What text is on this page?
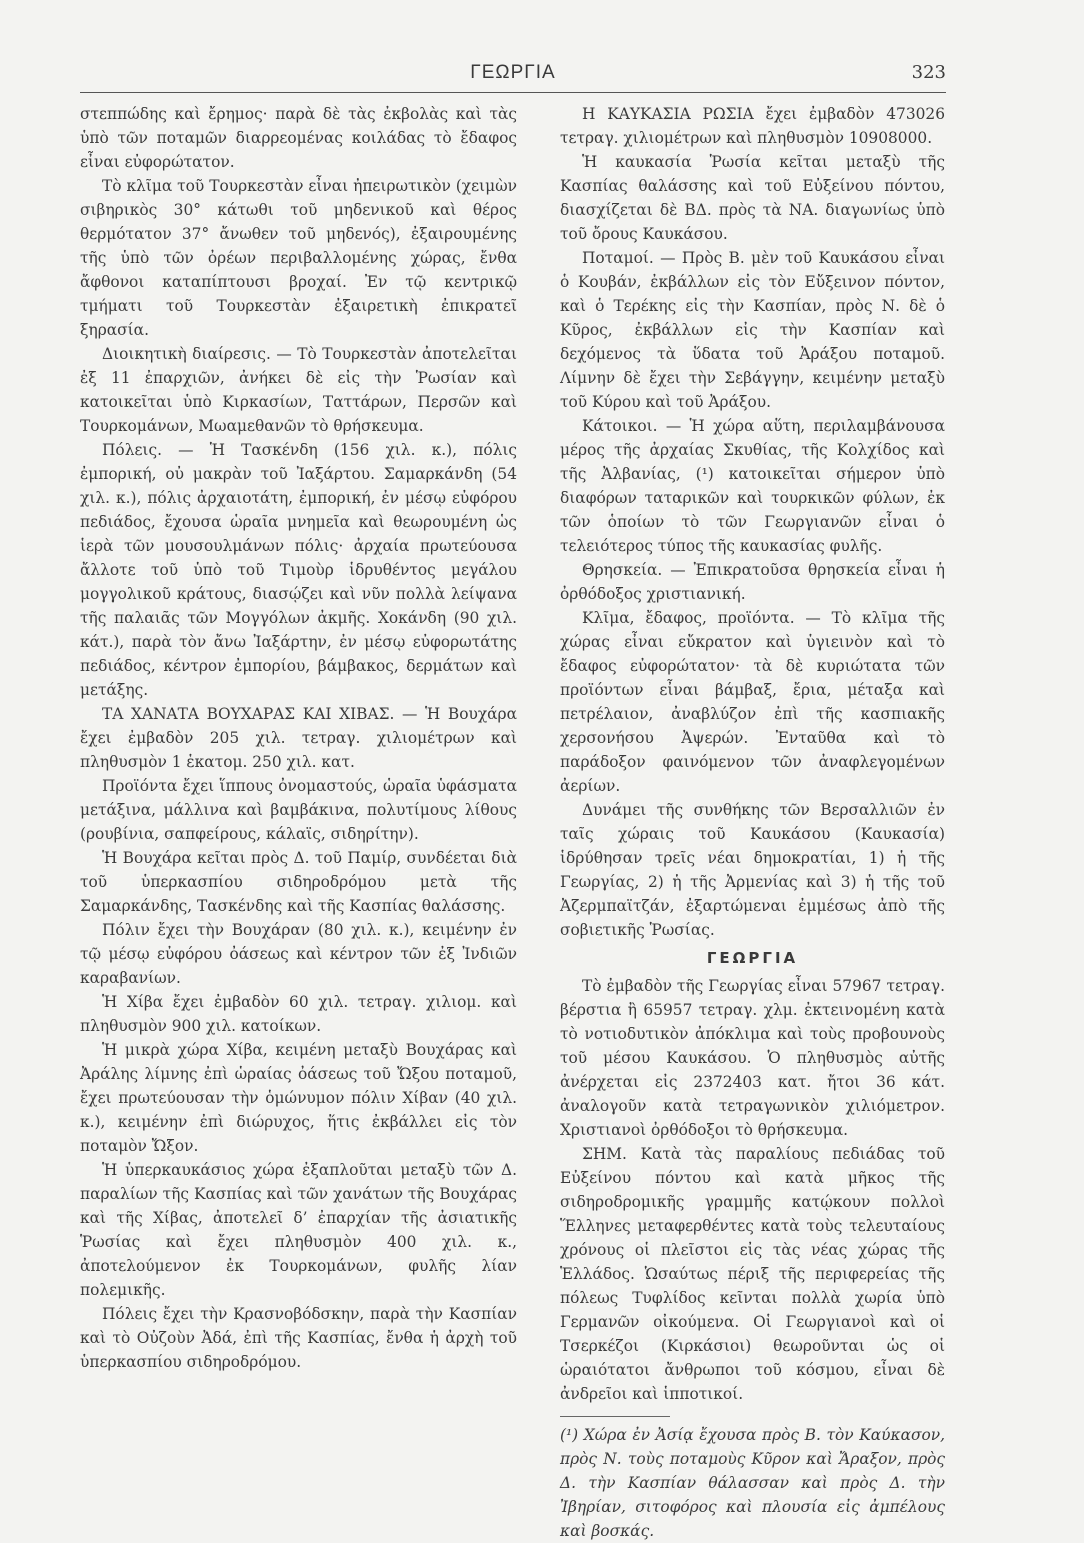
ΓΕΩΡΓΙΑ	323

στεππώδης καὶ ἔρημος· παρὰ δὲ τὰς ἐκβολὰς καὶ τὰς ὑπὸ τῶν ποταμῶν διαρρεομένας κοιλάδας τὸ ἔδαφος εἶναι εὐφορώτατον.

Τὸ κλῖμα τοῦ Τουρκεστὰν εἶναι ἠπειρωτικὸν (χειμὼν σιβηρικὸς 30° κάτωθι τοῦ μηδενικοῦ καὶ θέρος θερμότατον 37° ἄνωθεν τοῦ μηδενός), ἐξαιρουμένης τῆς ὑπὸ τῶν ὀρέων περιβαλλομένης χώρας, ἔνθα ἄφθονοι καταπίπτουσι βροχαί. Ἐν τῷ κεντρικῷ τμήματι τοῦ Τουρκεστὰν ἐξαιρετικὴ ἐπικρατεῖ ξηρασία.

Διοικητικὴ διαίρεσις. — Τὸ Τουρκεστὰν ἀποτελεῖται ἐξ 11 ἐπαρχιῶν, ἀνήκει δὲ εἰς τὴν Ῥωσίαν καὶ κατοικεῖται ὑπὸ Κιρκασίων, Ταττάρων, Περσῶν καὶ Τουρκομάνων, Μωαμεθανῶν τὸ θρήσκευμα.

Πόλεις. — Ἡ Τασκένδη (156 χιλ. κ.), πόλις ἐμπορική, οὐ μακρὰν τοῦ Ἰαξάρτου. Σαμαρκάνδη (54 χιλ. κ.), πόλις ἀρχαιοτάτη, ἐμπορική, ἐν μέσῳ εὐφόρου πεδιάδος, ἔχουσα ὡραῖα μνημεῖα καὶ θεωρουμένη ὡς ἱερὰ τῶν μουσουλμάνων πόλις· ἀρχαία πρωτεύουσα ἄλλοτε τοῦ ὑπὸ τοῦ Τιμοὺρ ἱδρυθέντος μεγάλου μογγολικοῦ κράτους, διασῴζει καὶ νῦν πολλὰ λείψανα τῆς παλαιᾶς τῶν Μογγόλων ἀκμῆς. Χοκάνδη (90 χιλ. κάτ.), παρὰ τὸν ἄνω Ἰαξάρτην, ἐν μέσῳ εὐφορωτάτης πεδιάδος, κέντρον ἐμπορίου, βάμβακος, δερμάτων καὶ μετάξης.

ΤΑ ΧΑΝΑΤΑ ΒΟΥΧΑΡΑΣ ΚΑΙ ΧΙΒΑΣ. — Ἡ Βουχάρα ἔχει ἐμβαδὸν 205 χιλ. τετραγ. χιλιομέτρων καὶ πληθυσμὸν 1 ἑκατομ. 250 χιλ. κατ.

Προϊόντα ἔχει ἵππους ὀνομαστούς, ὡραῖα ὑφάσματα μετάξινα, μάλλινα καὶ βαμβάκινα, πολυτίμους λίθους (ρουβίνια, σαπφείρους, κάλαϊς, σιδηρίτην).

Ἡ Βουχάρα κεῖται πρὸς Δ. τοῦ Παμίρ, συνδέεται διὰ τοῦ ὑπερκασπίου σιδηροδρόμου μετὰ τῆς Σαμαρκάνδης, Τασκένδης καὶ τῆς Κασπίας θαλάσσης.

Πόλιν ἔχει τὴν Βουχάραν (80 χιλ. κ.), κειμένην ἐν τῷ μέσῳ εὐφόρου ὀάσεως καὶ κέντρον τῶν ἐξ Ἰνδιῶν καραβανίων.

Ἡ Χίβα ἔχει ἐμβαδὸν 60 χιλ. τετραγ. χιλιομ. καὶ πληθυσμὸν 900 χιλ. κατοίκων.

Ἡ μικρὰ χώρα Χίβα, κειμένη μεταξὺ Βουχάρας καὶ Ἀράλης λίμνης ἐπὶ ὡραίας ὀάσεως τοῦ Ὤξου ποταμοῦ, ἔχει πρωτεύουσαν τὴν ὁμώνυμον πόλιν Χίβαν (40 χιλ. κ.), κειμένην ἐπὶ διώρυχος, ἥτις ἐκβάλλει εἰς τὸν ποταμὸν Ὤξον.

Ἡ ὑπερκαυκάσιος χώρα ἐξαπλοῦται μεταξὺ τῶν Δ. παραλίων τῆς Κασπίας καὶ τῶν χανάτων τῆς Βουχάρας καὶ τῆς Χίβας, ἀποτελεῖ δ’ ἐπαρχίαν τῆς ἀσιατικῆς Ῥωσίας καὶ ἔχει πληθυσμὸν 400 χιλ. κ., ἀποτελούμενον ἐκ Τουρκομάνων, φυλῆς λίαν πολεμικῆς.

Πόλεις ἔχει τὴν Κρασνοβόδσκην, παρὰ τὴν Κασπίαν καὶ τὸ Οὐζοὺν Ἀδά, ἐπὶ τῆς Κασπίας, ἔνθα ἡ ἀρχὴ τοῦ ὑπερκασπίου σιδηροδρόμου.

Η ΚΑΥΚΑΣΙΑ ΡΩΣΙΑ ἔχει ἐμβαδὸν 473026 τετραγ. χιλιομέτρων καὶ πληθυσμὸν 10908000.

Ἡ καυκασία Ῥωσία κεῖται μεταξὺ τῆς Κασπίας θαλάσσης καὶ τοῦ Εὐξείνου πόντου, διασχίζεται δὲ ΒΔ. πρὸς τὰ ΝΑ. διαγωνίως ὑπὸ τοῦ ὄρους Καυκάσου.

Ποταμοί. — Πρὸς Β. μὲν τοῦ Καυκάσου εἶναι ὁ Κουβάν, ἐκβάλλων εἰς τὸν Εὔξεινον πόντον, καὶ ὁ Τερέκης εἰς τὴν Κασπίαν, πρὸς Ν. δὲ ὁ Κῦρος, ἐκβάλλων εἰς τὴν Κασπίαν καὶ δεχόμενος τὰ ὕδατα τοῦ Ἀράξου ποταμοῦ. Λίμνην δὲ ἔχει τὴν Σεβάγγην, κειμένην μεταξὺ τοῦ Κύρου καὶ τοῦ Ἀράξου.

Κάτοικοι. — Ἡ χώρα αὕτη, περιλαμβάνουσα μέρος τῆς ἀρχαίας Σκυθίας, τῆς Κολχίδος καὶ τῆς Ἀλβανίας, (¹) κατοικεῖται σήμερον ὑπὸ διαφόρων ταταρικῶν καὶ τουρκικῶν φύλων, ἐκ τῶν ὁποίων τὸ τῶν Γεωργιανῶν εἶναι ὁ τελειότερος τύπος τῆς καυκασίας φυλῆς.

Θρησκεία. — Ἐπικρατοῦσα θρησκεία εἶναι ἡ ὀρθόδοξος χριστιανική.

Κλῖμα, ἔδαφος, προϊόντα. — Τὸ κλῖμα τῆς χώρας εἶναι εὔκρατον καὶ ὑγιεινὸν καὶ τὸ ἔδαφος εὐφορώτατον· τὰ δὲ κυριώτατα τῶν προϊόντων εἶναι βάμβαξ, ἔρια, μέταξα καὶ πετρέλαιον, ἀναβλύζον ἐπὶ τῆς κασπιακῆς χερσονήσου Ἀψερών. Ἐνταῦθα καὶ τὸ παράδοξον φαινόμενον τῶν ἀναφλεγομένων ἀερίων.

Δυνάμει τῆς συνθήκης τῶν Βερσαλλιῶν ἐν ταῖς χώραις τοῦ Καυκάσου (Καυκασία) ἱδρύθησαν τρεῖς νέαι δημοκρατίαι, 1) ἡ τῆς Γεωργίας, 2) ἡ τῆς Ἀρμενίας καὶ 3) ἡ τῆς τοῦ Ἀζερμπαϊτζάν, ἐξαρτώμεναι ἐμμέσως ἀπὸ τῆς σοβιετικῆς Ῥωσίας.

ΓΕΩΡΓΙΑ

Τὸ ἐμβαδὸν τῆς Γεωργίας εἶναι 57967 τετραγ. βέρστια ἢ 65957 τετραγ. χλμ. ἐκτεινομένη κατὰ τὸ νοτιοδυτικὸν ἀπόκλιμα καὶ τοὺς προβουνοὺς τοῦ μέσου Καυκάσου. Ὁ πληθυσμὸς αὐτῆς ἀνέρχεται εἰς 2372403 κατ. ἤτοι 36 κάτ. ἀναλογοῦν κατὰ τετραγωνικὸν χιλιόμετρον. Χριστιανοὶ ὀρθόδοξοι τὸ θρήσκευμα.

ΣΗΜ. Κατὰ τὰς παραλίους πεδιάδας τοῦ Εὐξείνου πόντου καὶ κατὰ μῆκος τῆς σιδηροδρομικῆς γραμμῆς κατῴκουν πολλοὶ Ἕλληνες μεταφερθέντες κατὰ τοὺς τελευταίους χρόνους οἱ πλεῖστοι εἰς τὰς νέας χώρας τῆς Ἑλλάδος. Ὡσαύτως πέριξ τῆς περιφερείας τῆς πόλεως Τυφλίδος κεῖνται πολλὰ χωρία ὑπὸ Γερμανῶν οἰκούμενα. Οἱ Γεωργιανοὶ καὶ οἱ Τσερκέζοι (Κιρκάσιοι) θεωροῦνται ὡς οἱ ὡραιότατοι ἄνθρωποι τοῦ κόσμου, εἶναι δὲ ἀνδρεῖοι καὶ ἱπποτικοί.

(¹) Χώρα ἐν Ἀσίᾳ ἔχουσα πρὸς Β. τὸν Καύκασον, πρὸς Ν. τοὺς ποταμοὺς Κῦρον καὶ Ἄραξον, πρὸς Δ. τὴν Κασπίαν θάλασσαν καὶ πρὸς Δ. τὴν Ἰβηρίαν, σιτοφόρος καὶ πλουσία εἰς ἀμπέλους καὶ βοσκάς.
